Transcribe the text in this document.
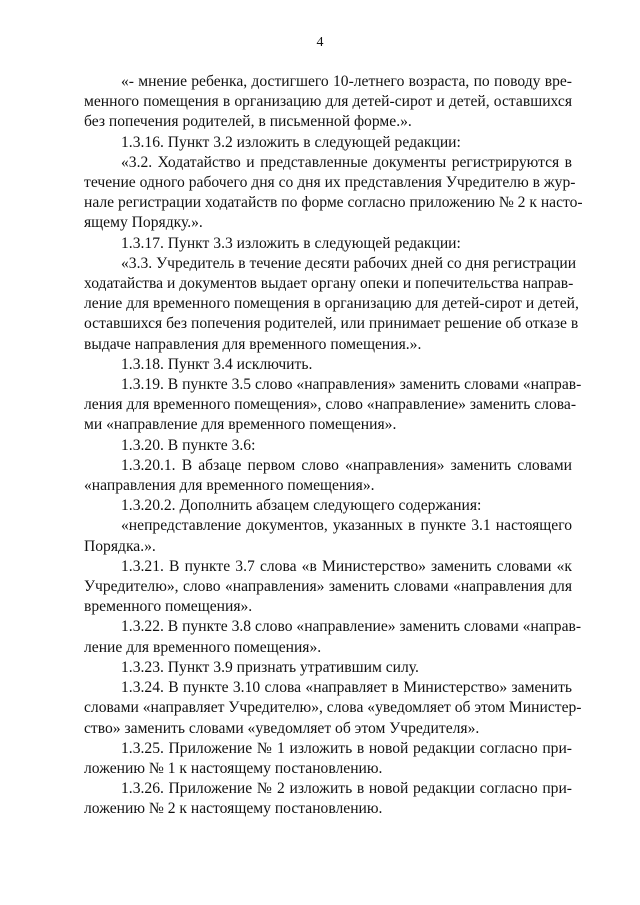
4
«- мнение ребенка, достигшего 10-летнего возраста, по поводу вре-
менного помещения в организацию для детей-сирот и детей, оставшихся
без попечения родителей, в письменной форме.».
1.3.16. Пункт 3.2 изложить в следующей редакции:
«3.2. Ходатайство и представленные документы регистрируются в
течение одного рабочего дня со дня их представления Учредителю в жур-
нале регистрации ходатайств по форме согласно приложению № 2 к насто-
ящему Порядку.».
1.3.17. Пункт 3.3 изложить в следующей редакции:
«3.3. Учредитель в течение десяти рабочих дней со дня регистрации
ходатайства и документов выдает органу опеки и попечительства направ-
ление для временного помещения в организацию для детей-сирот и детей,
оставшихся без попечения родителей, или принимает решение об отказе в
выдаче направления для временного помещения.».
1.3.18. Пункт 3.4 исключить.
1.3.19. В пункте 3.5 слово «направления» заменить словами «направ-
ления для временного помещения», слово «направление» заменить слова-
ми «направление для временного помещения».
1.3.20. В пункте 3.6:
1.3.20.1. В абзаце первом слово «направления» заменить словами
«направления для временного помещения».
1.3.20.2. Дополнить абзацем следующего содержания:
«непредставление документов, указанных в пункте 3.1 настоящего
Порядка.».
1.3.21. В пункте 3.7 слова «в Министерство» заменить словами «к
Учредителю», слово «направления» заменить словами «направления для
временного помещения».
1.3.22. В пункте 3.8 слово «направление» заменить словами «направ-
ление для временного помещения».
1.3.23. Пункт 3.9 признать утратившим силу.
1.3.24. В пункте 3.10 слова «направляет в Министерство» заменить
словами «направляет Учредителю», слова «уведомляет об этом Министер-
ство» заменить словами «уведомляет об этом Учредителя».
1.3.25. Приложение № 1 изложить в новой редакции согласно при-
ложению № 1 к настоящему постановлению.
1.3.26. Приложение № 2 изложить в новой редакции согласно при-
ложению № 2 к настоящему постановлению.
